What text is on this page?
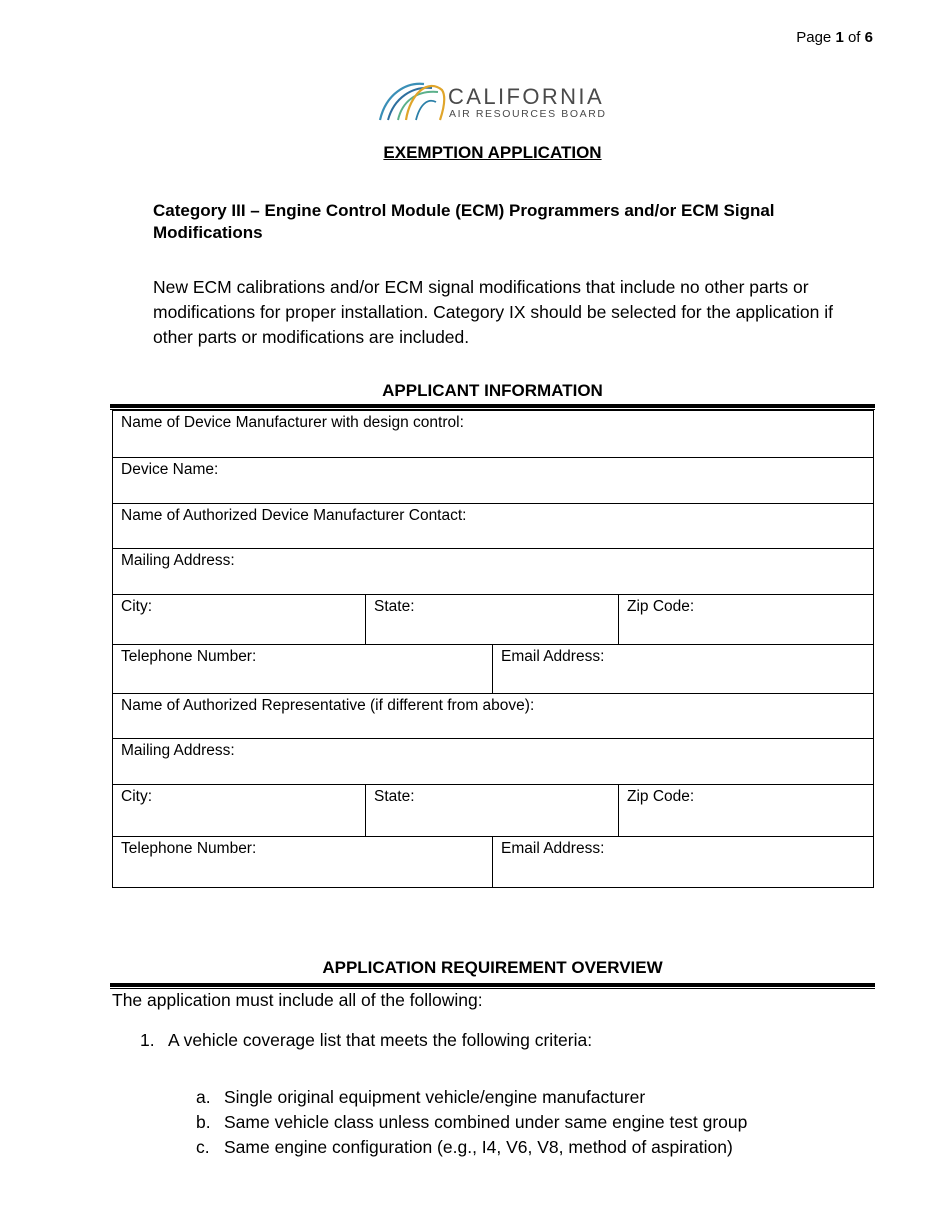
Page 1 of 6
CALIFORNIA
AIR RESOURCES BOARD
EXEMPTION APPLICATION
Category III – Engine Control Module (ECM) Programmers and/or ECM Signal Modifications
New ECM calibrations and/or ECM signal modifications that include no other parts or modifications for proper installation. Category IX should be selected for the application if other parts or modifications are included.
APPLICANT INFORMATION
Name of Device Manufacturer with design control:			
Device Name:			
Name of Authorized Device Manufacturer Contact:			
Mailing Address:			
City:	State:		Zip Code:
Telephone Number:		Email Address:	
Name of Authorized Representative (if different from above):			
Mailing Address:			
City:	State:		Zip Code:
Telephone Number:		Email Address:	
APPLICATION REQUIREMENT OVERVIEW
The application must include all of the following:
1. A vehicle coverage list that meets the following criteria:
a. Single original equipment vehicle/engine manufacturer
b. Same vehicle class unless combined under same engine test group
c. Same engine configuration (e.g., I4, V6, V8, method of aspiration)
